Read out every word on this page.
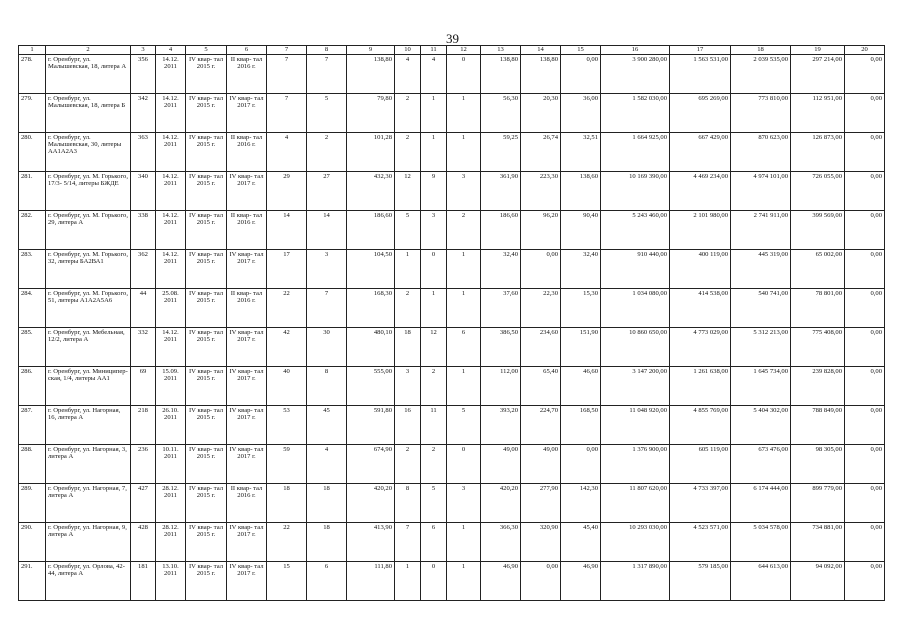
39
1	2	3	4	5	6	7	8	9	10	11	12	13	14	15	16	17	18	19	20
278.	г. Оренбург, ул. Малышевская, 18, литера А	356	14.12. 2011	IV квар- тал 2015 г.	II квар- тал 2016 г.	7	7	138,80	4	4	0	138,80	138,80	0,00	3 900 280,00	1 563 531,00	2 039 535,00	297 214,00	0,00
279.	г. Оренбург, ул. Малышевская, 18, литера Б	342	14.12. 2011	IV квар- тал 2015 г.	IV квар- тал 2017 г.	7	5	79,80	2	1	1	56,30	20,30	36,00	1 582 030,00	695 269,00	773 810,00	112 951,00	0,00
280.	г. Оренбург, ул. Малышевская, 30, литеры АА1А2А3	363	14.12. 2011	IV квар- тал 2015 г.	II квар- тал 2016 г.	4	2	101,28	2	1	1	59,25	26,74	32,51	1 664 925,00	667 429,00	870 623,00	126 873,00	0,00
281.	г. Оренбург, ул. М. Горького, 17/3- 5/14, литеры БЖДЕ	340	14.12. 2011	IV квар- тал 2015 г.	IV квар- тал 2017 г.	29	27	432,30	12	9	3	361,90	223,30	138,60	10 169 390,00	4 469 234,00	4 974 101,00	726 055,00	0,00
282.	г. Оренбург, ул. М. Горького, 29, литера А	338	14.12. 2011	IV квар- тал 2015 г.	II квар- тал 2016 г.	14	14	186,60	5	3	2	186,60	96,20	90,40	5 243 460,00	2 101 980,00	2 741 911,00	399 569,00	0,00
283.	г. Оренбург, ул. М. Горького, 32, литеры БА2ВА1	362	14.12. 2011	IV квар- тал 2015 г.	IV квар- тал 2017 г.	17	3	104,50	1	0	1	32,40	0,00	32,40	910 440,00	400 119,00	445 319,00	65 002,00	0,00
284.	г. Оренбург, ул. М. Горького, 51, литеры А1А2А5А6	44	25.08. 2011	IV квар- тал 2015 г.	II квар- тал 2016 г.	22	7	168,30	2	1	1	37,60	22,30	15,30	1 034 080,00	414 538,00	540 741,00	78 801,00	0,00
285.	г. Оренбург, ул. Мебельная, 12/2, литера А	332	14.12. 2011	IV квар- тал 2015 г.	IV квар- тал 2017 г.	42	30	480,10	18	12	6	386,50	234,60	151,90	10 860 650,00	4 773 029,00	5 312 213,00	775 408,00	0,00
286.	г. Оренбург, ул. Миниципер- ская, 1/4, литеры АА1	69	15.09. 2011	IV квар- тал 2015 г.	IV квар- тал 2017 г.	40	8	555,00	3	2	1	112,00	65,40	46,60	3 147 200,00	1 261 638,00	1 645 734,00	239 828,00	0,00
287.	г. Оренбург, ул. Нагорная, 16, литера А	218	26.10. 2011	IV квар- тал 2015 г.	IV квар- тал 2017 г.	53	45	591,80	16	11	5	393,20	224,70	168,50	11 048 920,00	4 855 769,00	5 404 302,00	788 849,00	0,00
288.	г. Оренбург, ул. Нагорная, 3, литера А	236	10.11. 2011	IV квар- тал 2015 г.	IV квар- тал 2017 г.	59	4	674,90	2	2	0	49,00	49,00	0,00	1 376 900,00	605 119,00	673 476,00	98 305,00	0,00
289.	г. Оренбург, ул. Нагорная, 7, литера А	427	28.12. 2011	IV квар- тал 2015 г.	II квар- тал 2016 г.	18	18	420,20	8	5	3	420,20	277,90	142,30	11 807 620,00	4 733 397,00	6 174 444,00	899 779,00	0,00
290.	г. Оренбург, ул. Нагорная, 9, литера А	428	28.12. 2011	IV квар- тал 2015 г.	IV квар- тал 2017 г.	22	18	413,90	7	6	1	366,30	320,90	45,40	10 293 030,00	4 523 571,00	5 034 578,00	734 881,00	0,00
291.	г. Оренбург, ул. Орлова, 42-44, литера А	181	13.10. 2011	IV квар- тал 2015 г.	IV квар- тал 2017 г.	15	6	111,80	1	0	1	46,90	0,00	46,90	1 317 890,00	579 185,00	644 613,00	94 092,00	0,00
